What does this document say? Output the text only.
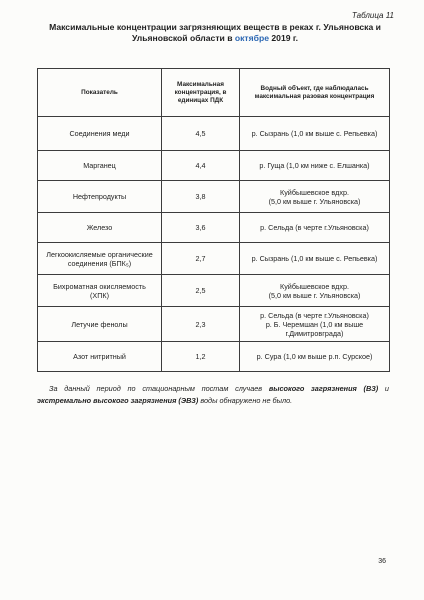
Таблица 11
Максимальные концентрации загрязняющих веществ в реках г. Ульяновска и Ульяновской области в октябре 2019 г.
Показатель	Максимальная концентрация, в единицах ПДК	Водный объект, где наблюдалась максимальная разовая концентрация
Соединения меди	4,5	р. Сызрань (1,0 км выше с. Репьевка)
Марганец	4,4	р. Гуща (1,0 км ниже с. Елшанка)
Нефтепродукты	3,8	Куйбышевское вдхр.
(5,0 км выше г. Ульяновска)
Железо	3,6	р. Сельда (в черте г.Ульяновска)
Легкоокисляемые органические соединения (БПК₅)	2,7	р. Сызрань (1,0 км выше с. Репьевка)
Бихроматная окисляемость
(ХПК)	2,5	Куйбышевское вдхр.
(5,0 км выше г. Ульяновска)
Летучие фенолы	2,3	р. Сельда (в черте г.Ульяновска)
р. Б. Черемшан (1,0 км выше
г.Димитровграда)
Азот нитритный	1,2	р. Сура (1,0 км выше р.п. Сурское)
За данный период по стационарным постам случаев высокого загрязнения (ВЗ) и экстремально высокого загрязнения (ЭВЗ) воды обнаружено не было.
36
